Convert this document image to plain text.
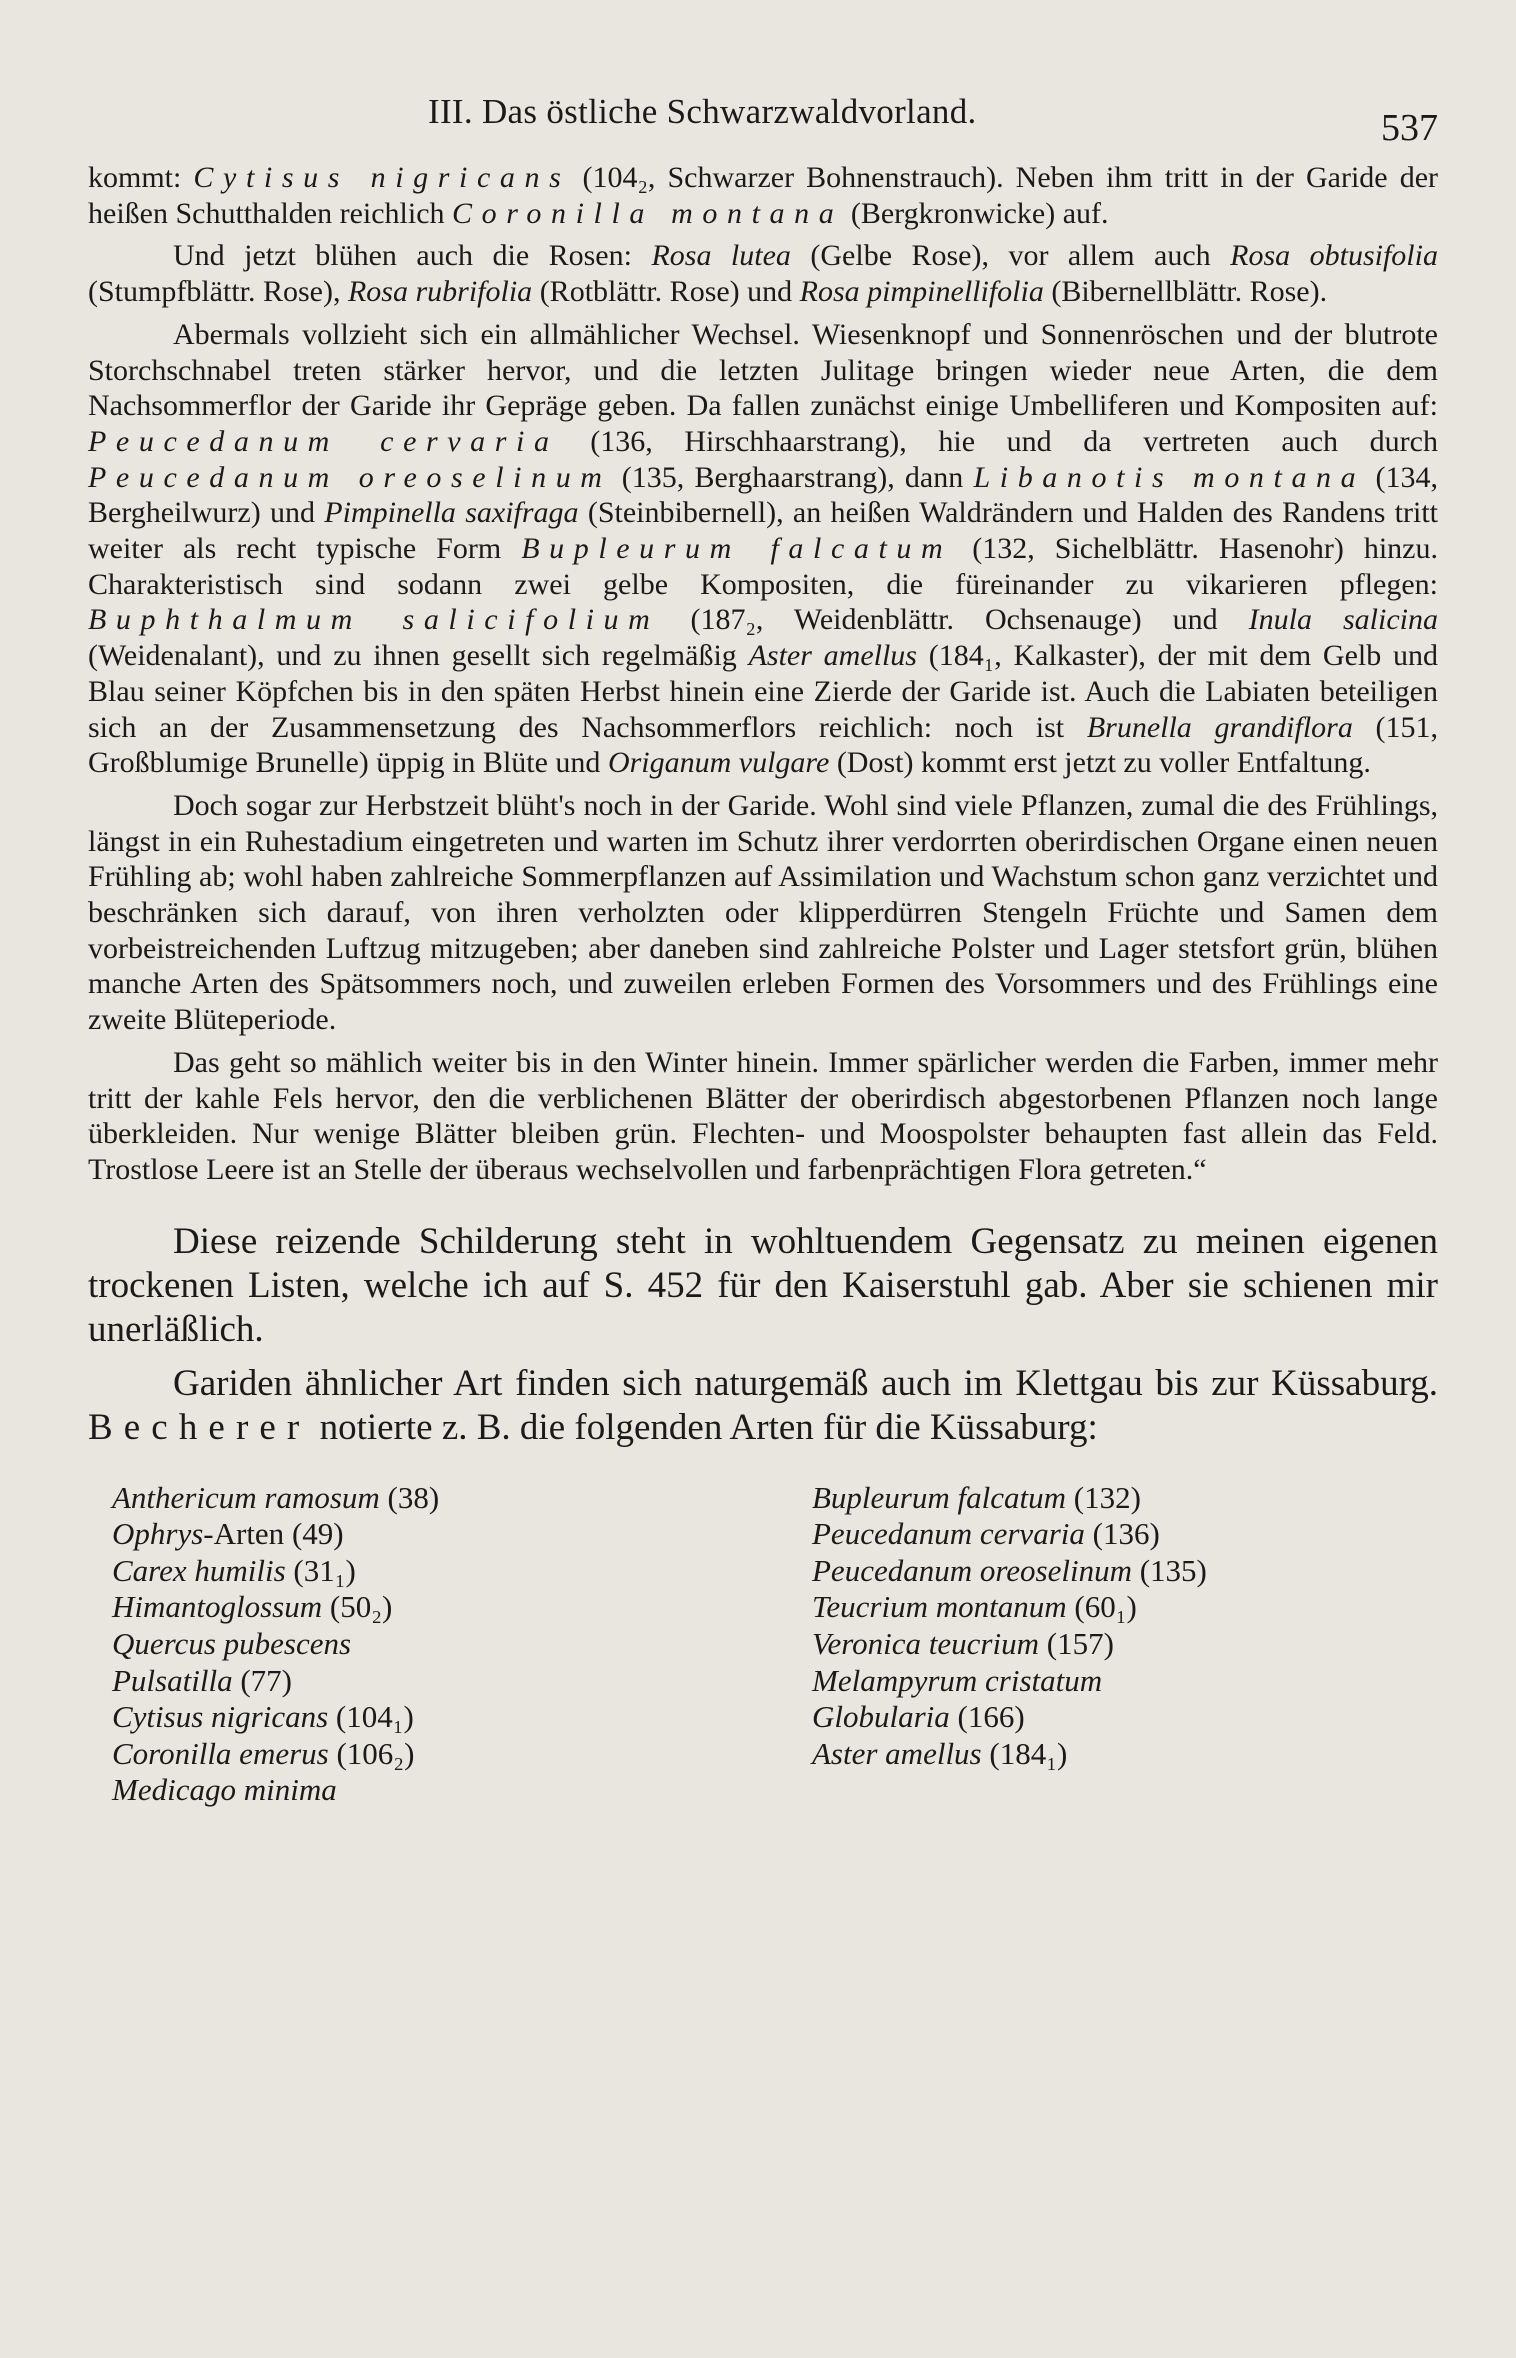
III. Das östliche Schwarzwaldvorland.	537

kommt: Cytisus nigricans (104₂, Schwarzer Bohnenstrauch). Neben ihm tritt in der Garide der heißen Schutthalden reichlich Coronilla montana (Bergkronwicke) auf.

Und jetzt blühen auch die Rosen: Rosa lutea (Gelbe Rose), vor allem auch Rosa obtusifolia (Stumpfblättr. Rose), Rosa rubrifolia (Rotblättr. Rose) und Rosa pimpinellifolia (Bibernellblättr. Rose).

Abermals vollzieht sich ein allmählicher Wechsel. Wiesenknopf und Sonnenröschen und der blutrote Storchschnabel treten stärker hervor, und die letzten Julitage bringen wieder neue Arten, die dem Nachsommerflor der Garide ihr Gepräge geben. Da fallen zunächst einige Umbelliferen und Kompositen auf: Peucedanum cervaria (136, Hirschhaarstrang), hie und da vertreten auch durch Peucedanum oreoselinum (135, Berghaarstrang), dann Libanotis montana (134, Bergheilwurz) und Pimpinella saxifraga (Steinbibernell), an heißen Waldrändern und Halden des Randens tritt weiter als recht typische Form Bupleurum falcatum (132, Sichelblättr. Hasenohr) hinzu. Charakteristisch sind sodann zwei gelbe Kompositen, die füreinander zu vikarieren pflegen: Buphthalmum salicifolium (187₂, Weidenblättr. Ochsenauge) und Inula salicina (Weidenalant), und zu ihnen gesellt sich regelmäßig Aster amellus (184₁, Kalkaster), der mit dem Gelb und Blau seiner Köpfchen bis in den späten Herbst hinein eine Zierde der Garide ist. Auch die Labiaten beteiligen sich an der Zusammensetzung des Nachsommerflors reichlich: noch ist Brunella grandiflora (151, Großblumige Brunelle) üppig in Blüte und Origanum vulgare (Dost) kommt erst jetzt zu voller Entfaltung.

Doch sogar zur Herbstzeit blüht's noch in der Garide. Wohl sind viele Pflanzen, zumal die des Frühlings, längst in ein Ruhestadium eingetreten und warten im Schutz ihrer verdorrten oberirdischen Organe einen neuen Frühling ab; wohl haben zahlreiche Sommerpflanzen auf Assimilation und Wachstum schon ganz verzichtet und beschränken sich darauf, von ihren verholzten oder klipperdürren Stengeln Früchte und Samen dem vorbeistreichenden Luftzug mitzugeben; aber daneben sind zahlreiche Polster und Lager stetsfort grün, blühen manche Arten des Spätsommers noch, und zuweilen erleben Formen des Vorsommers und des Frühlings eine zweite Blüteperiode.

Das geht so mählich weiter bis in den Winter hinein. Immer spärlicher werden die Farben, immer mehr tritt der kahle Fels hervor, den die verblichenen Blätter der oberirdisch abgestorbenen Pflanzen noch lange überkleiden. Nur wenige Blätter bleiben grün. Flechten- und Moospolster behaupten fast allein das Feld. Trostlose Leere ist an Stelle der überaus wechselvollen und farbenprächtigen Flora getreten.“

Diese reizende Schilderung steht in wohltuendem Gegensatz zu meinen eigenen trockenen Listen, welche ich auf S. 452 für den Kaiserstuhl gab. Aber sie schienen mir unerläßlich.

Gariden ähnlicher Art finden sich naturgemäß auch im Klettgau bis zur Küssaburg. Becherer notierte z. B. die folgenden Arten für die Küssaburg:

Anthericum ramosum (38)
Ophrys-Arten (49)
Carex humilis (31₁)
Himantoglossum (50₂)
Quercus pubescens
Pulsatilla (77)
Cytisus nigricans (104₁)
Coronilla emerus (106₂)
Medicago minima
Bupleurum falcatum (132)
Peucedanum cervaria (136)
Peucedanum oreoselinum (135)
Teucrium montanum (60₁)
Veronica teucrium (157)
Melampyrum cristatum
Globularia (166)
Aster amellus (184₁)
